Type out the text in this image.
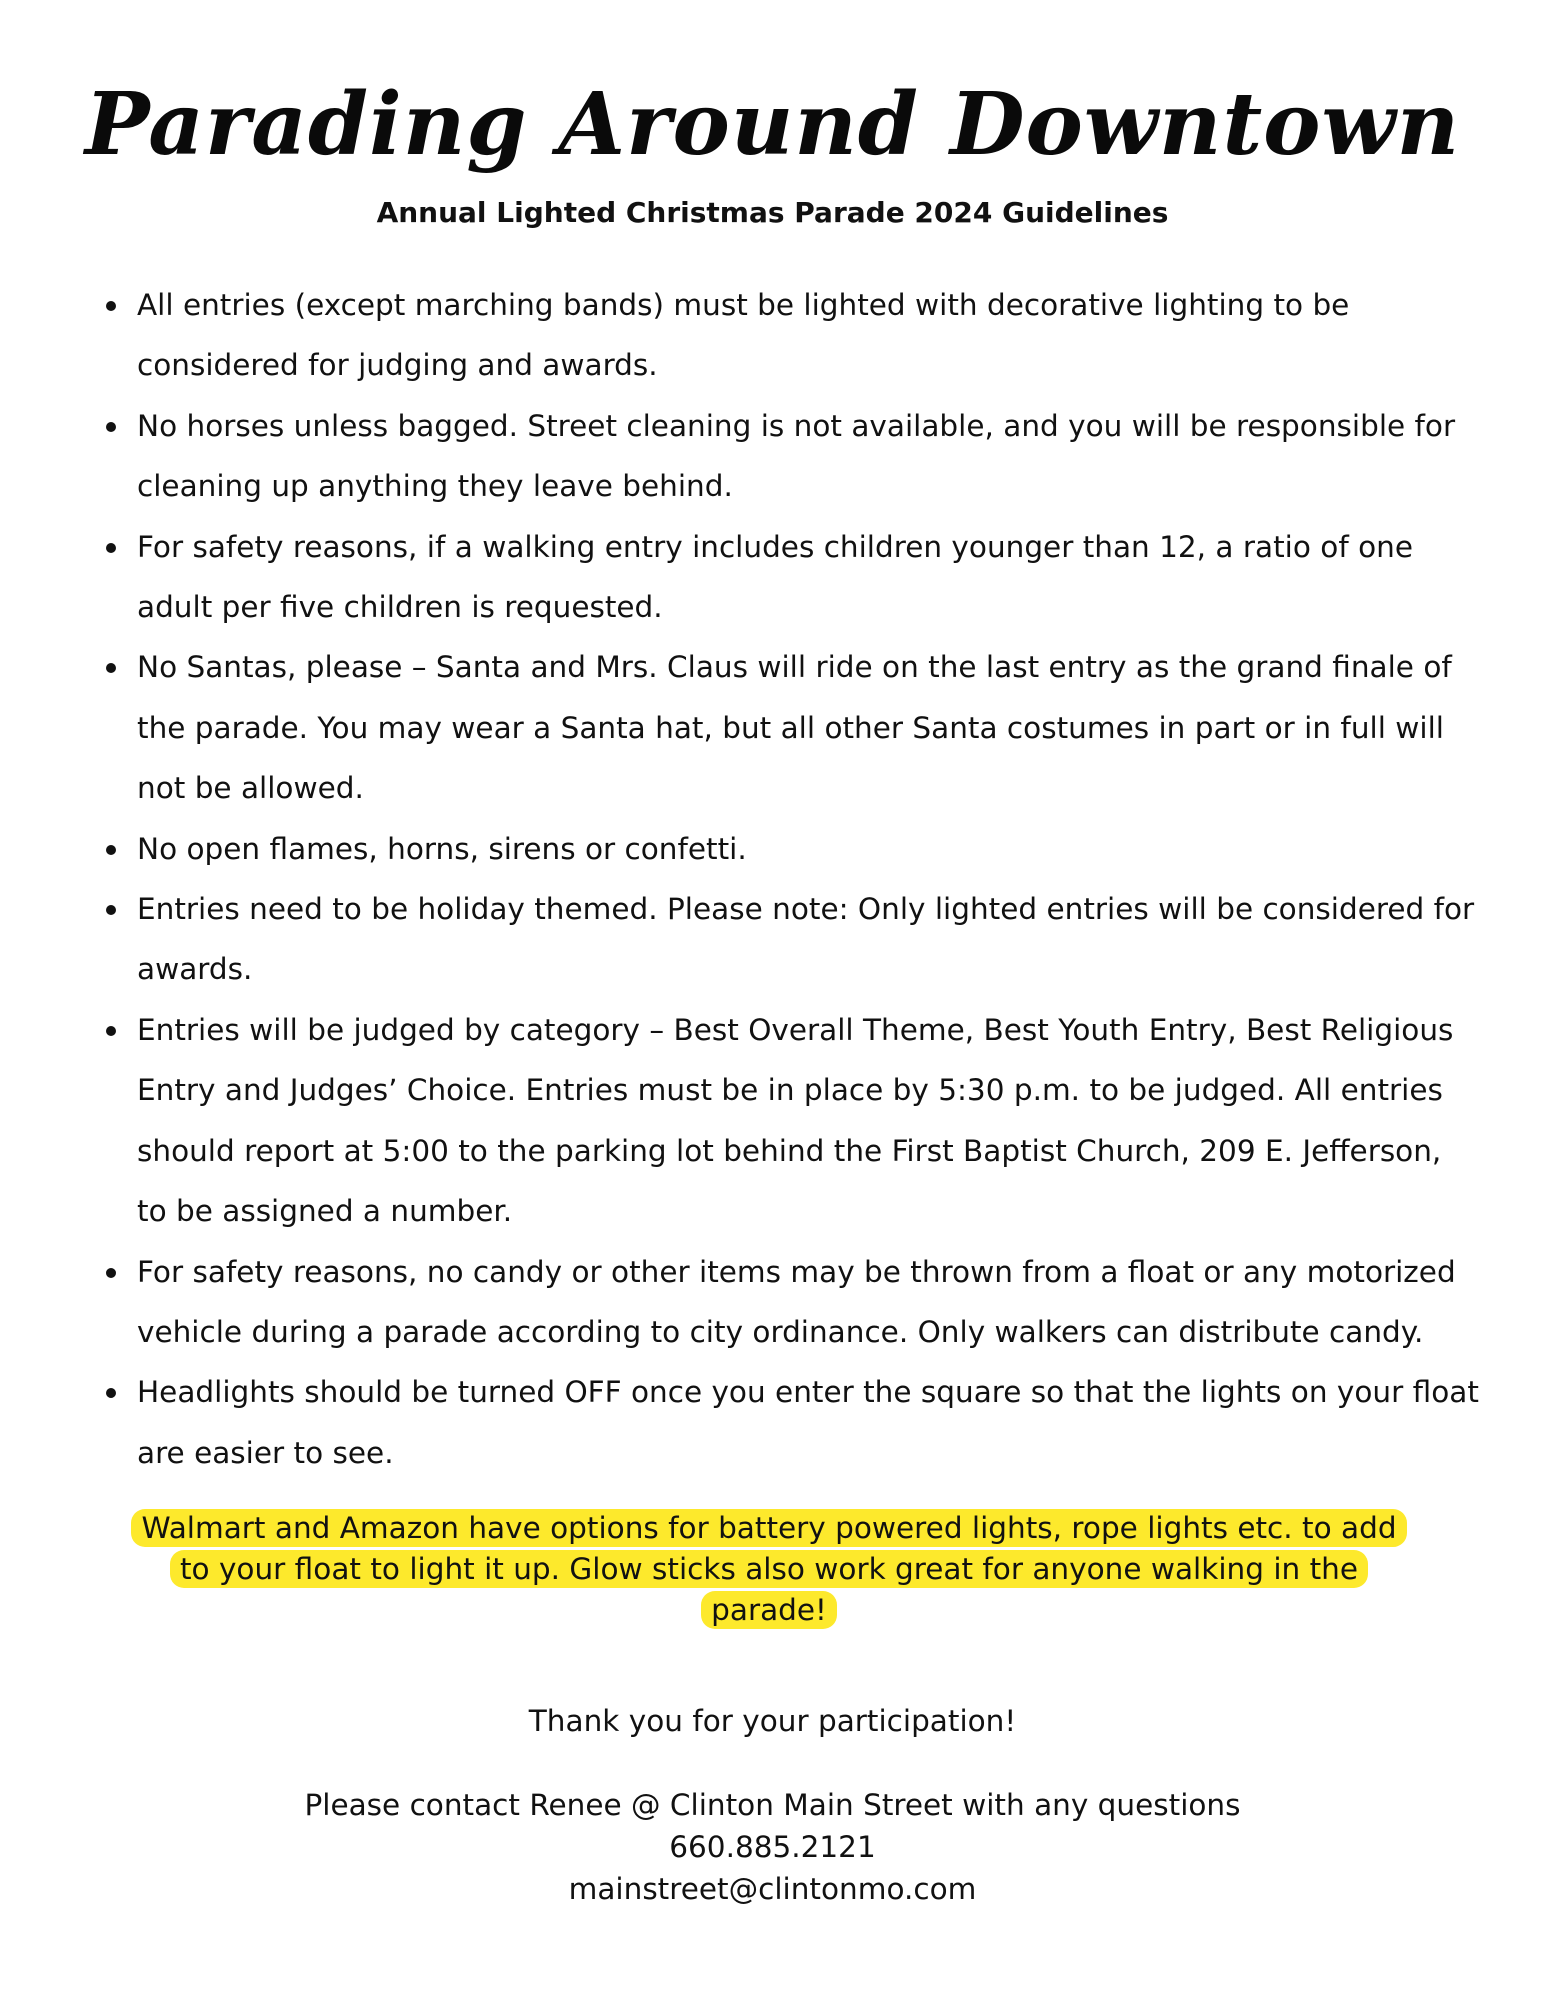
Parading Around Downtown
Annual Lighted Christmas Parade 2024 Guidelines
All entries (except marching bands) must be lighted with decorative lighting to be considered for judging and awards.
No horses unless bagged. Street cleaning is not available, and you will be responsible for cleaning up anything they leave behind.
For safety reasons, if a walking entry includes children younger than 12, a ratio of one adult per five children is requested.
No Santas, please – Santa and Mrs. Claus will ride on the last entry as the grand finale of the parade. You may wear a Santa hat, but all other Santa costumes in part or in full will not be allowed.
No open flames, horns, sirens or confetti.
Entries need to be holiday themed. Please note: Only lighted entries will be considered for awards.
Entries will be judged by category – Best Overall Theme, Best Youth Entry, Best Religious Entry and Judges’ Choice. Entries must be in place by 5:30 p.m. to be judged. All entries should report at 5:00 to the parking lot behind the First Baptist Church, 209 E. Jefferson, to be assigned a number.
For safety reasons, no candy or other items may be thrown from a float or any motorized vehicle during a parade according to city ordinance. Only walkers can distribute candy.
Headlights should be turned OFF once you enter the square so that the lights on your float are easier to see.
Walmart and Amazon have options for battery powered lights, rope lights etc. to add to your float to light it up. Glow sticks also work great for anyone walking in the parade!
Thank you for your participation!
Please contact Renee @ Clinton Main Street with any questions
660.885.2121
mainstreet@clintonmo.com
